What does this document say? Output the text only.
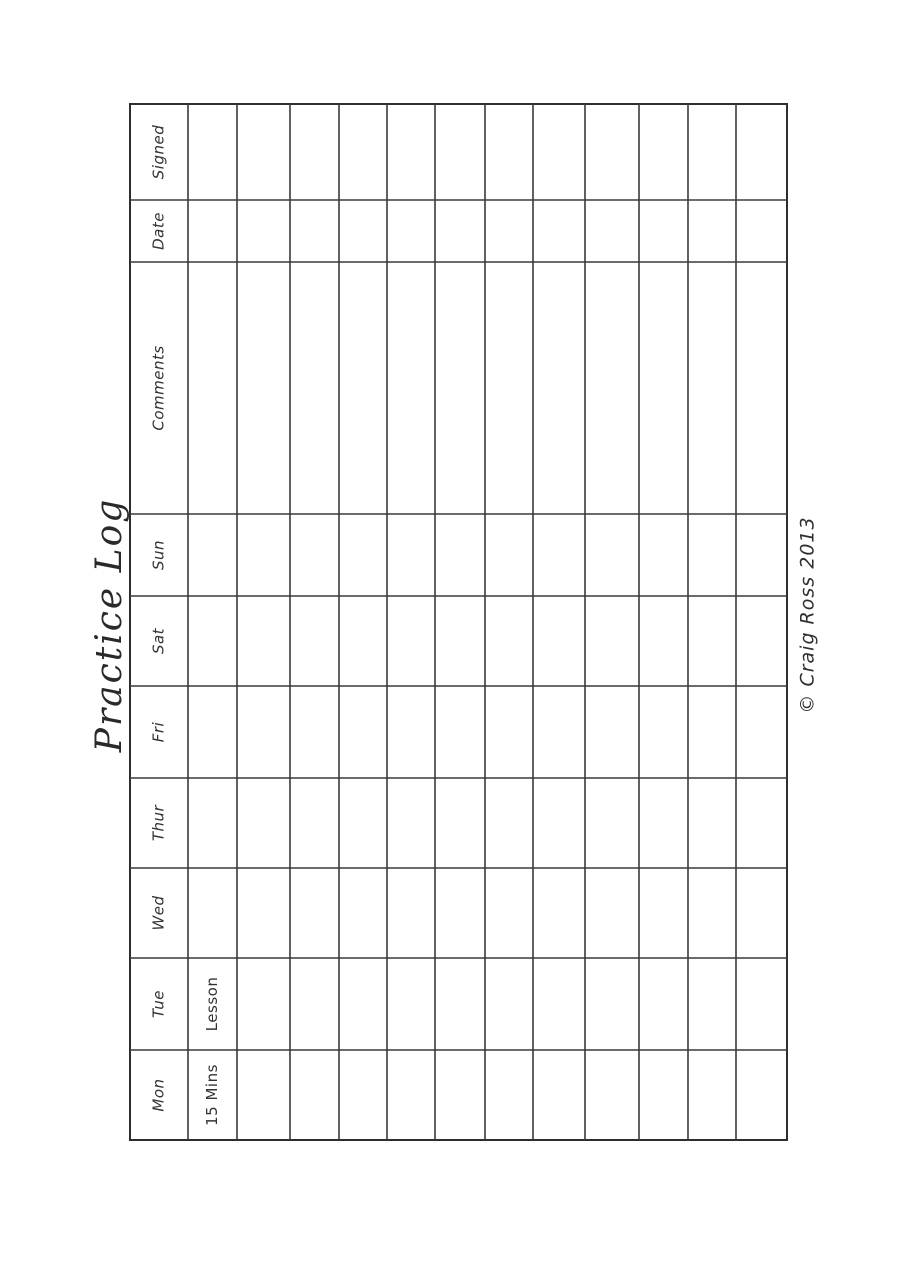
Mon
Tue
Wed
Thur
Fri
Sat
Sun
Comments
Date
Signed
15 Mins
Lesson
Practice Log	© Craig Ross 2013
